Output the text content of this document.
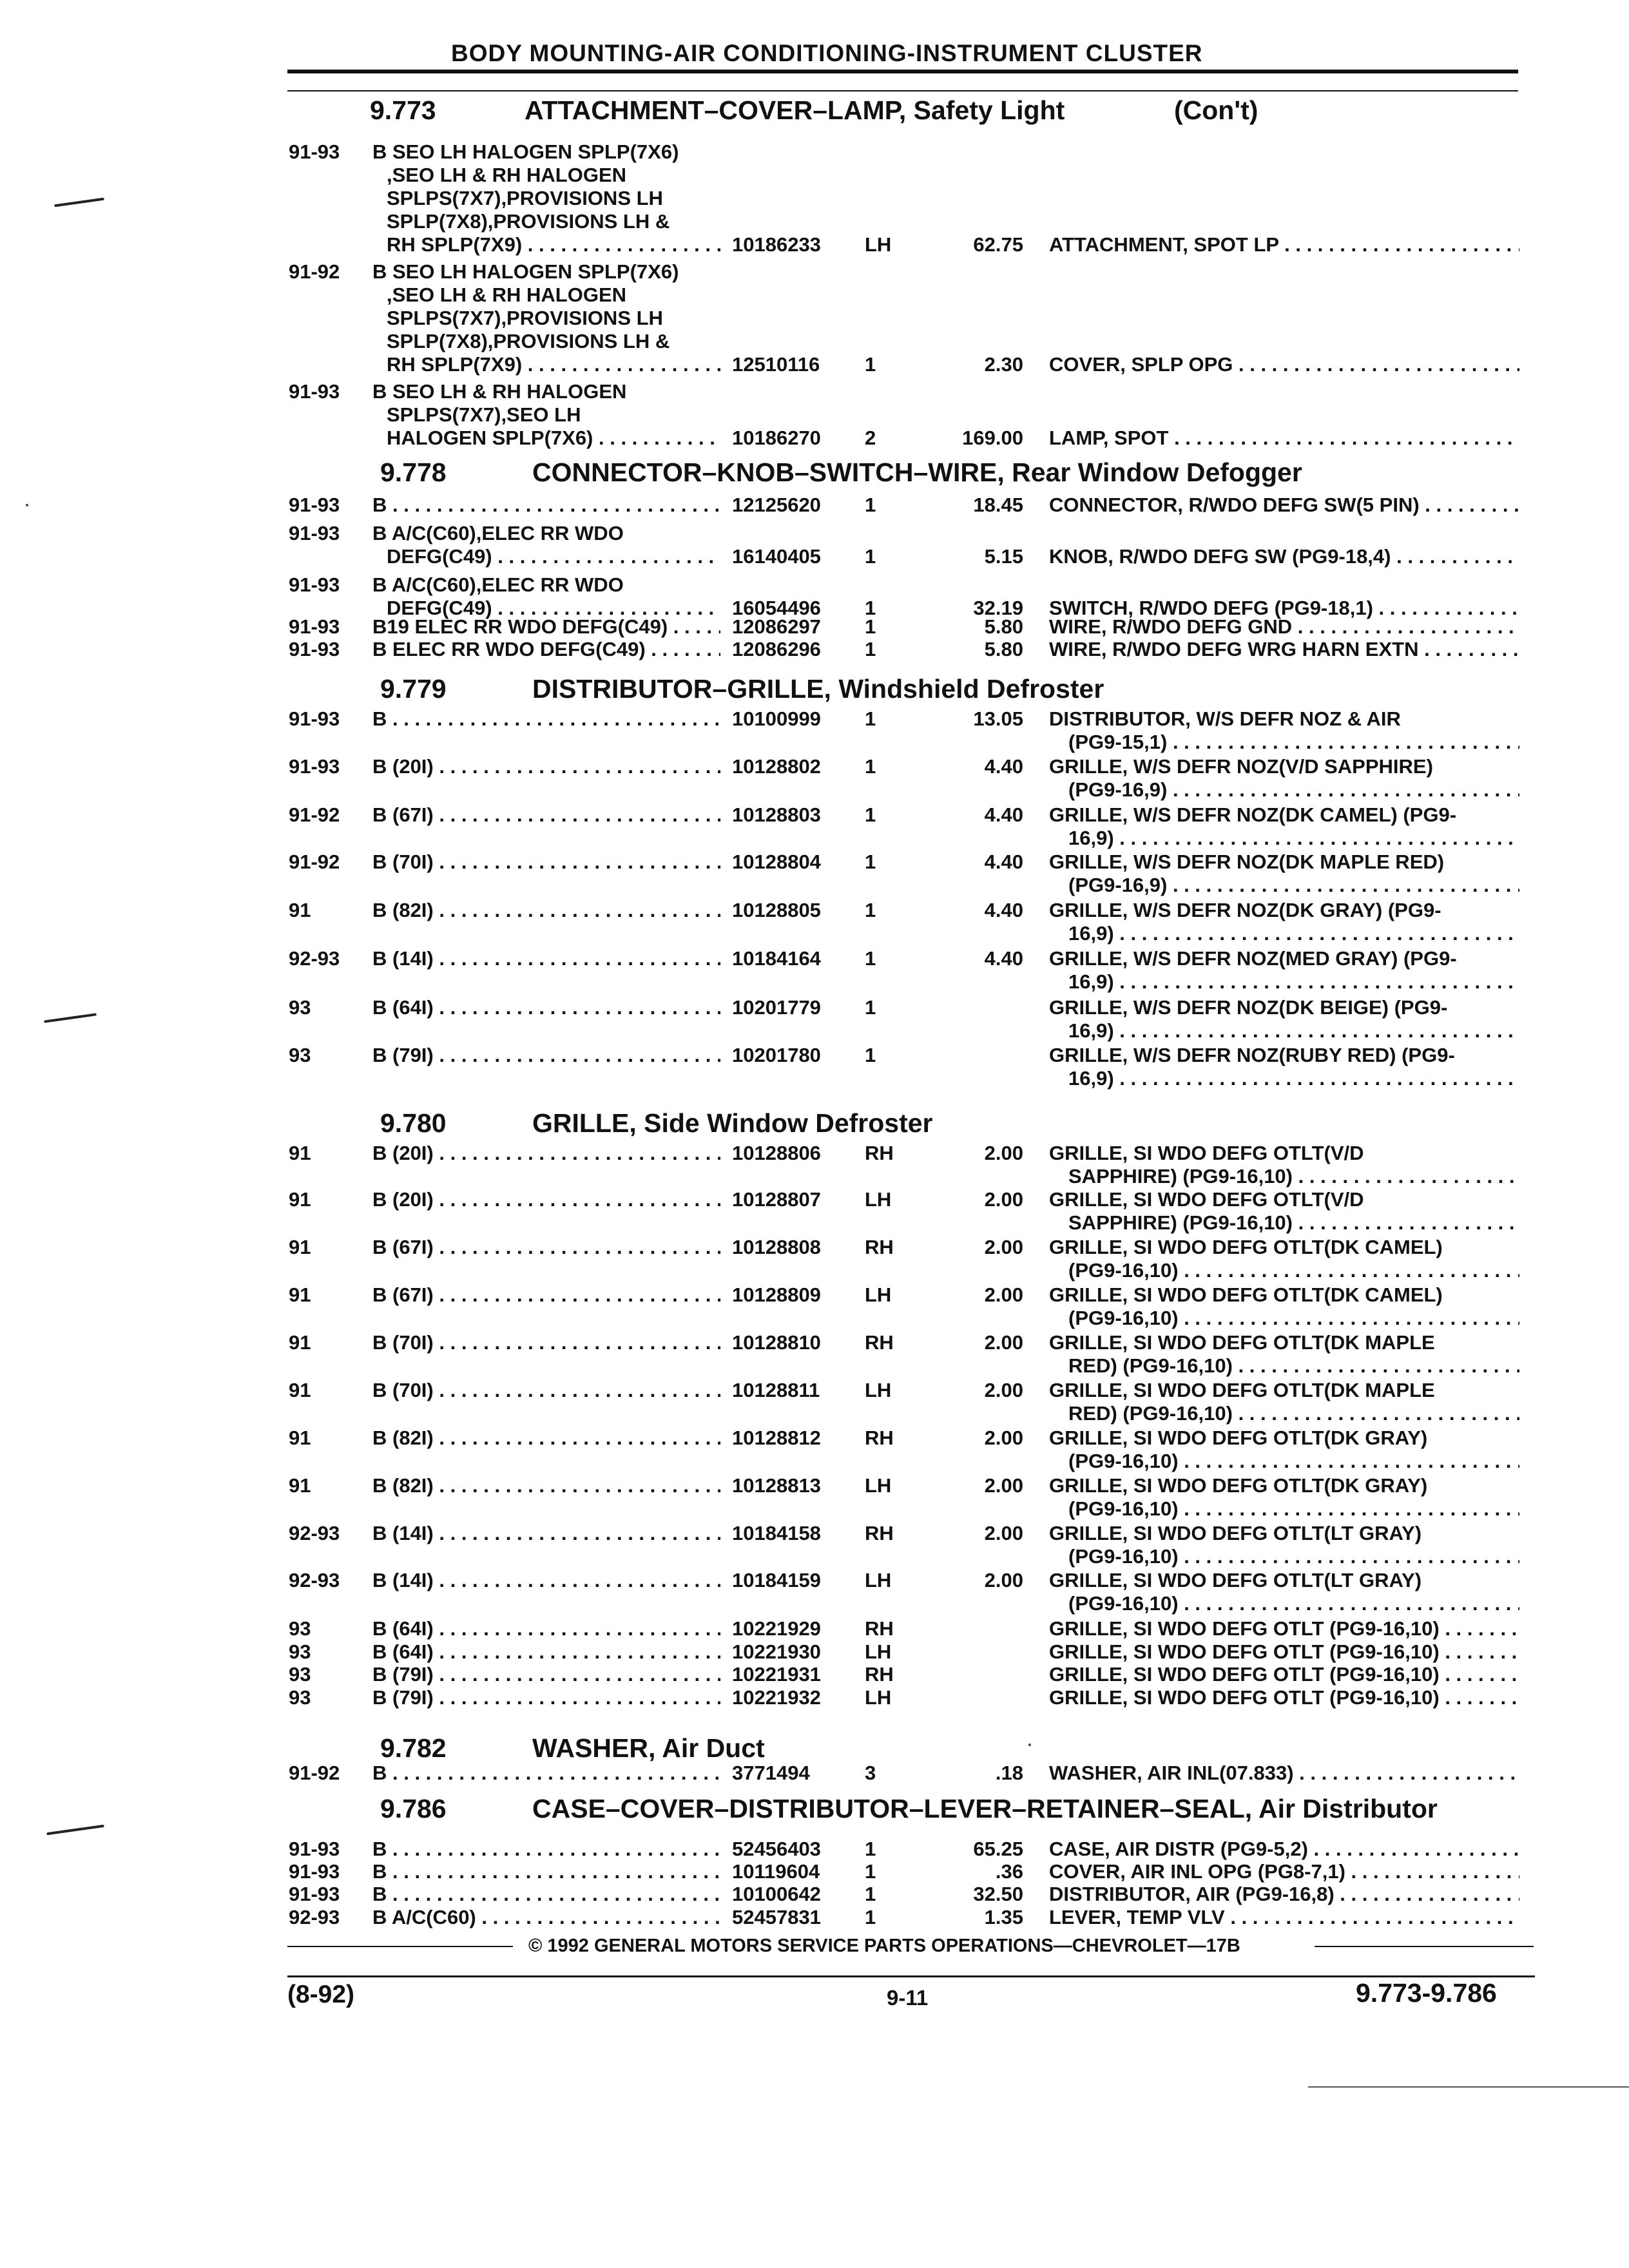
BODY MOUNTING-AIR CONDITIONING-INSTRUMENT CLUSTER
9.773	ATTACHMENT–COVER–LAMP, Safety Light	(Con't)
9.778	CONNECTOR–KNOB–SWITCH–WIRE, Rear Window Defogger
9.779	DISTRIBUTOR–GRILLE, Windshield Defroster
9.780	GRILLE, Side Window Defroster
9.782	WASHER, Air Duct
9.786	CASE–COVER–DISTRIBUTOR–LEVER–RETAINER–SEAL, Air Distributor
91-93 B SEO LH HALOGEN SPLP(7X6)
,SEO LH & RH HALOGEN
SPLPS(7X7),PROVISIONS LH
SPLP(7X8),PROVISIONS LH &
RH SPLP(7X9) . . .	10186233 LH	62.75 ATTACHMENT, SPOT LP . . .
91-92 B SEO LH HALOGEN SPLP(7X6)
,SEO LH & RH HALOGEN
SPLPS(7X7),PROVISIONS LH
SPLP(7X8),PROVISIONS LH &
RH SPLP(7X9) . . .	12510116 1	2.30 COVER, SPLP OPG . . .
91-93 B SEO LH & RH HALOGEN
SPLPS(7X7),SEO LH
HALOGEN SPLP(7X6) . . .	10186270 2	169.00 LAMP, SPOT . . .
91-93 B . . .	12125620 1	18.45 CONNECTOR, R/WDO DEFG SW(5 PIN) . . .
91-93 B A/C(C60),ELEC RR WDO
DEFG(C49) . . .	16140405 1	5.15 KNOB, R/WDO DEFG SW (PG9-18,4) . . .
91-93 B A/C(C60),ELEC RR WDO
DEFG(C49) . . .	16054496 1	32.19 SWITCH, R/WDO DEFG (PG9-18,1) . . .
91-93 B19 ELEC RR WDO DEFG(C49) . . .	12086297 1	5.80 WIRE, R/WDO DEFG GND . . .
91-93 B ELEC RR WDO DEFG(C49) . . .	12086296 1	5.80 WIRE, R/WDO DEFG WRG HARN EXTN . . .
91-93 B . . .	10100999 1	13.05 DISTRIBUTOR, W/S DEFR NOZ & AIR
(PG9-15,1) . . .
91-93 B (20I) . . .	10128802 1	4.40 GRILLE, W/S DEFR NOZ(V/D SAPPHIRE)
(PG9-16,9) . . .
91-92 B (67I) . . .	10128803 1	4.40 GRILLE, W/S DEFR NOZ(DK CAMEL) (PG9-
16,9) . . .
91-92 B (70I) . . .	10128804 1	4.40 GRILLE, W/S DEFR NOZ(DK MAPLE RED)
(PG9-16,9) . . .
91	B (82I) . . .	10128805 1	4.40 GRILLE, W/S DEFR NOZ(DK GRAY) (PG9-
16,9) . . .
92-93 B (14I) . . .	10184164 1	4.40 GRILLE, W/S DEFR NOZ(MED GRAY) (PG9-
16,9) . . .
93	B (64I) . . .	10201779 1	GRILLE, W/S DEFR NOZ(DK BEIGE) (PG9-
16,9) . . .
93	B (79I) . . .	10201780 1	GRILLE, W/S DEFR NOZ(RUBY RED) (PG9-
16,9) . . .
91	B (20I) . . .	10128806 RH	2.00 GRILLE, SI WDO DEFG OTLT(V/D
SAPPHIRE) (PG9-16,10) . . .
91	B (20I) . . .	10128807 LH	2.00 GRILLE, SI WDO DEFG OTLT(V/D
SAPPHIRE) (PG9-16,10) . . .
91	B (67I) . . .	10128808 RH	2.00 GRILLE, SI WDO DEFG OTLT(DK CAMEL)
(PG9-16,10) . . .
91	B (67I) . . .	10128809 LH	2.00 GRILLE, SI WDO DEFG OTLT(DK CAMEL)
(PG9-16,10) . . .
91	B (70I) . . .	10128810 RH	2.00 GRILLE, SI WDO DEFG OTLT(DK MAPLE
RED) (PG9-16,10) . . .
91	B (70I) . . .	10128811 LH	2.00 GRILLE, SI WDO DEFG OTLT(DK MAPLE
RED) (PG9-16,10) . . .
91	B (82I) . . .	10128812 RH	2.00 GRILLE, SI WDO DEFG OTLT(DK GRAY)
(PG9-16,10) . . .
91	B (82I) . . .	10128813 LH	2.00 GRILLE, SI WDO DEFG OTLT(DK GRAY)
(PG9-16,10) . . .
92-93 B (14I) . . .	10184158 RH	2.00 GRILLE, SI WDO DEFG OTLT(LT GRAY)
(PG9-16,10) . . .
92-93 B (14I) . . .	10184159 LH	2.00 GRILLE, SI WDO DEFG OTLT(LT GRAY)
(PG9-16,10) . . .
93	B (64I) . . .	10221929 RH	GRILLE, SI WDO DEFG OTLT (PG9-16,10) . . .
93	B (64I) . . .	10221930 LH	GRILLE, SI WDO DEFG OTLT (PG9-16,10) . . .
93	B (79I) . . .	10221931 RH	GRILLE, SI WDO DEFG OTLT (PG9-16,10) . . .
93	B (79I) . . .	10221932 LH	GRILLE, SI WDO DEFG OTLT (PG9-16,10) . . .
91-92 B . . .	3771494	3	.18 WASHER, AIR INL(07.833) . . .
91-93 B . . .	52456403 1	65.25 CASE, AIR DISTR (PG9-5,2) . . .
91-93 B . . .	10119604 1	.36 COVER, AIR INL OPG (PG8-7,1) . . .
91-93 B . . .	10100642 1	32.50 DISTRIBUTOR, AIR (PG9-16,8) . . .
92-93 B A/C(C60) . . .	52457831 1	1.35 LEVER, TEMP VLV . . .
© 1992 GENERAL MOTORS SERVICE PARTS OPERATIONS—CHEVROLET—17B
(8-92)	9-11	9.773-9.786
